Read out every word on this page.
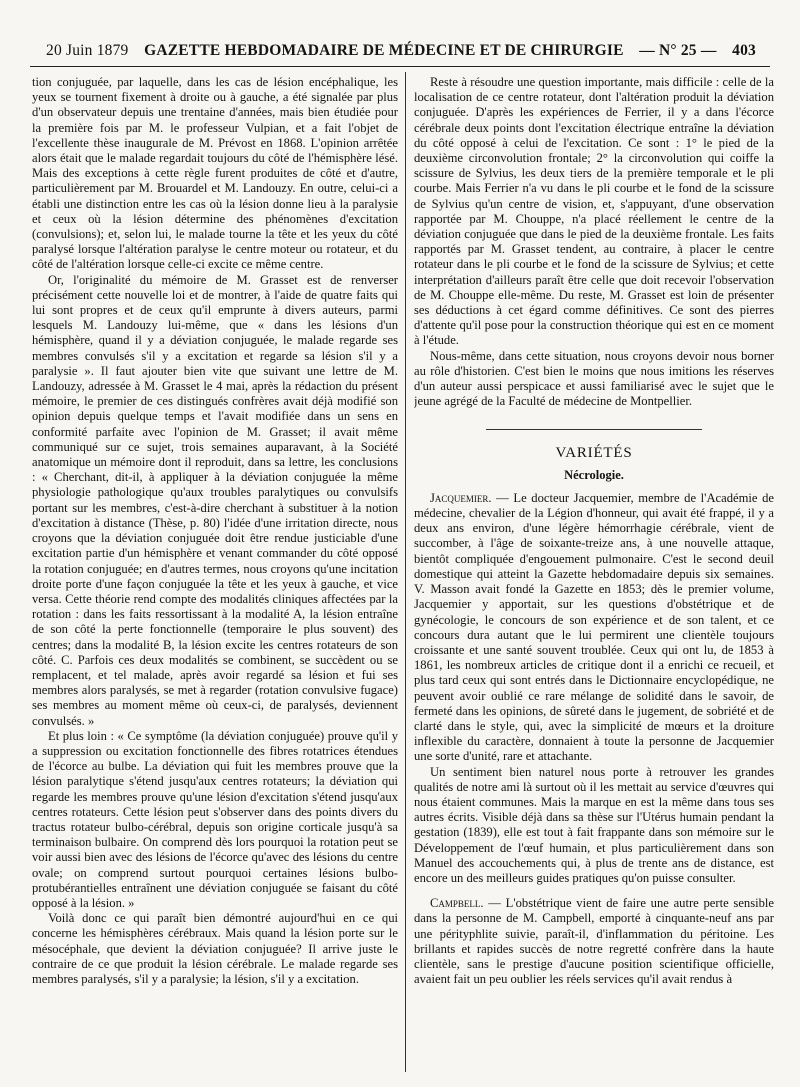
20 Juin 1879 GAZETTE HEBDOMADAIRE DE MÉDECINE ET DE CHIRURGIE — N° 25 — 403

tion conjuguée, par laquelle, dans les cas de lésion encéphalique, les yeux se tournent fixement à droite ou à gauche, a été signalée par plus d'un observateur depuis une trentaine d'années, mais bien étudiée pour la première fois par M. le professeur Vulpian, et a fait l'objet de l'excellente thèse inaugurale de M. Prévost en 1868. L'opinion arrêtée alors était que le malade regardait toujours du côté de l'hémisphère lésé. Mais des exceptions à cette règle furent produites de côté et d'autre, particulièrement par M. Brouardel et M. Landouzy. En outre, celui-ci a établi une distinction entre les cas où la lésion donne lieu à la paralysie et ceux où la lésion détermine des phénomènes d'excitation (convulsions); et, selon lui, le malade tourne la tête et les yeux du côté paralysé lorsque l'altération paralyse le centre moteur ou rotateur, et du côté de l'altération lorsque celle-ci excite ce même centre.

Or, l'originalité du mémoire de M. Grasset est de renverser précisément cette nouvelle loi et de montrer, à l'aide de quatre faits qui lui sont propres et de ceux qu'il emprunte à divers auteurs, parmi lesquels M. Landouzy lui-même, que « dans les lésions d'un hémisphère, quand il y a déviation conjuguée, le malade regarde ses membres convulsés s'il y a excitation et regarde sa lésion s'il y a paralysie ». Il faut ajouter bien vite que suivant une lettre de M. Landouzy, adressée à M. Grasset le 4 mai, après la rédaction du présent mémoire, le premier de ces distingués confrères avait déjà modifié son opinion depuis quelque temps et l'avait modifiée dans un sens en conformité parfaite avec l'opinion de M. Grasset; il avait même communiqué sur ce sujet, trois semaines auparavant, à la Société anatomique un mémoire dont il reproduit, dans sa lettre, les conclusions : « Cherchant, dit-il, à appliquer à la déviation conjuguée la même physiologie pathologique qu'aux troubles paralytiques ou convulsifs portant sur les membres, c'est-à-dire cherchant à substituer à la notion d'excitation à distance (Thèse, p. 80) l'idée d'une irritation directe, nous croyons que la déviation conjuguée doit être rendue justiciable d'une excitation partie d'un hémisphère et venant commander du côté opposé la rotation conjuguée; en d'autres termes, nous croyons qu'une incitation droite porte d'une façon conjuguée la tête et les yeux à gauche, et vice versa. Cette théorie rend compte des modalités cliniques affectées par la rotation : dans les faits ressortissant à la modalité A, la lésion entraîne de son côté la perte fonctionnelle (temporaire le plus souvent) des centres; dans la modalité B, la lésion excite les centres rotateurs de son côté. C. Parfois ces deux modalités se combinent, se succèdent ou se remplacent, et tel malade, après avoir regardé sa lésion et fui ses membres alors paralysés, se met à regarder (rotation convulsive fugace) ses membres au moment même où ceux-ci, de paralysés, deviennent convulsés. »

Et plus loin : « Ce symptôme (la déviation conjuguée) prouve qu'il y a suppression ou excitation fonctionnelle des fibres rotatrices étendues de l'écorce au bulbe. La déviation qui fuit les membres prouve que la lésion paralytique s'étend jusqu'aux centres rotateurs; la déviation qui regarde les membres prouve qu'une lésion d'excitation s'étend jusqu'aux centres rotateurs. Cette lésion peut s'observer dans des points divers du tractus rotateur bulbo-cérébral, depuis son origine corticale jusqu'à sa terminaison bulbaire. On comprend dès lors pourquoi la rotation peut se voir aussi bien avec des lésions de l'écorce qu'avec des lésions du centre ovale; on comprend surtout pourquoi certaines lésions bulbo-protubérantielles entraînent une déviation conjuguée se faisant du côté opposé à la lésion. »

Voilà donc ce qui paraît bien démontré aujourd'hui en ce qui concerne les hémisphères cérébraux. Mais quand la lésion porte sur le mésocéphale, que devient la déviation conjuguée? Il arrive juste le contraire de ce que produit la lésion cérébrale. Le malade regarde ses membres paralysés, s'il y a paralysie; la lésion, s'il y a excitation.

Reste à résoudre une question importante, mais difficile : celle de la localisation de ce centre rotateur, dont l'altération produit la déviation conjuguée. D'après les expériences de Ferrier, il y a dans l'écorce cérébrale deux points dont l'excitation électrique entraîne la déviation du côté opposé à celui de l'excitation. Ce sont : 1° le pied de la deuxième circonvolution frontale; 2° la circonvolution qui coiffe la scissure de Sylvius, les deux tiers de la première temporale et le pli courbe. Mais Ferrier n'a vu dans le pli courbe et le fond de la scissure de Sylvius qu'un centre de vision, et, s'appuyant, d'une observation rapportée par M. Chouppe, n'a placé réellement le centre de la déviation conjuguée que dans le pied de la deuxième frontale. Les faits rapportés par M. Grasset tendent, au contraire, à placer le centre rotateur dans le pli courbe et le fond de la scissure de Sylvius; et cette interprétation d'ailleurs paraît être celle que doit recevoir l'observation de M. Chouppe elle-même. Du reste, M. Grasset est loin de présenter ses déductions à cet égard comme définitives. Ce sont des pierres d'attente qu'il pose pour la construction théorique qui est en ce moment à l'étude.

Nous-même, dans cette situation, nous croyons devoir nous borner au rôle d'historien. C'est bien le moins que nous imitions les réserves d'un auteur aussi perspicace et aussi familiarisé avec le sujet que le jeune agrégé de la Faculté de médecine de Montpellier.

VARIÉTÉS
Nécrologie.

Jacquemier. — Le docteur Jacquemier, membre de l'Académie de médecine, chevalier de la Légion d'honneur, qui avait été frappé, il y a deux ans environ, d'une légère hémorrhagie cérébrale, vient de succomber, à l'âge de soixante-treize ans, à une nouvelle attaque, bientôt compliquée d'engouement pulmonaire. C'est le second deuil domestique qui atteint la Gazette hebdomadaire depuis six semaines. V. Masson avait fondé la Gazette en 1853; dès le premier volume, Jacquemier y apportait, sur les questions d'obstétrique et de gynécologie, le concours de son expérience et de son talent, et ce concours dura autant que le lui permirent une clientèle toujours croissante et une santé souvent troublée. Ceux qui ont lu, de 1853 à 1861, les nombreux articles de critique dont il a enrichi ce recueil, et plus tard ceux qui sont entrés dans le Dictionnaire encyclopédique, ne peuvent avoir oublié ce rare mélange de solidité dans le savoir, de fermeté dans les opinions, de sûreté dans le jugement, de sobriété et de clarté dans le style, qui, avec la simplicité de mœurs et la droiture inflexible du caractère, donnaient à toute la personne de Jacquemier une sorte d'unité, rare et attachante.

Un sentiment bien naturel nous porte à retrouver les grandes qualités de notre ami là surtout où il les mettait au service d'œuvres qui nous étaient communes. Mais la marque en est la même dans tous ses autres écrits. Visible déjà dans sa thèse sur l'Utérus humain pendant la gestation (1839), elle est tout à fait frappante dans son mémoire sur le Développement de l'œuf humain, et plus particulièrement dans son Manuel des accouchements qui, à plus de trente ans de distance, est encore un des meilleurs guides pratiques qu'on puisse consulter.

Campbell. — L'obstétrique vient de faire une autre perte sensible dans la personne de M. Campbell, emporté à cinquante-neuf ans par une pérityphlite suivie, paraît-il, d'inflammation du péritoine. Les brillants et rapides succès de notre regretté confrère dans la haute clientèle, sans le prestige d'aucune position scientifique officielle, avaient fait un peu oublier les réels services qu'il avait rendus à
